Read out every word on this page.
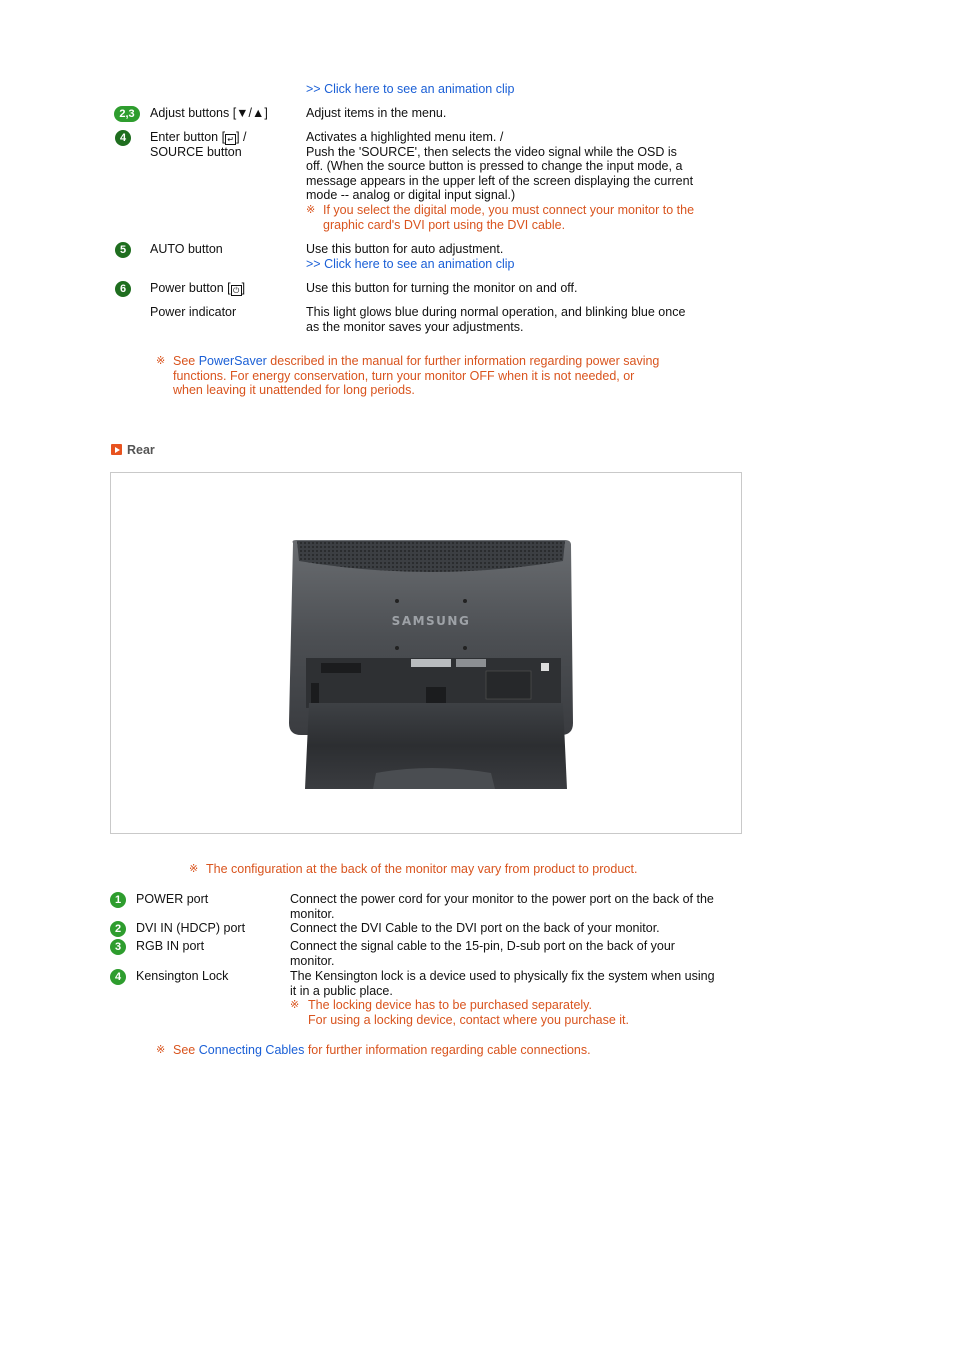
>> Click here to see an animation clip
2,3	Adjust buttons [▼/▲]	Adjust items in the menu.
4	Enter button [ ↵ ] /
SOURCE button
Activates a highlighted menu item. /
Push the 'SOURCE', then selects the video signal while the OSD is
off. (When the source button is pressed to change the input mode, a
message appears in the upper left of the screen displaying the current
mode -- analog or digital input signal.)
※ If you select the digital mode, you must connect your monitor to the
graphic card's DVI port using the DVI cable.
5	AUTO button	Use this button for auto adjustment.
>> Click here to see an animation clip
6	Power button [ ⏻ ]	Use this button for turning the monitor on and off.
Power indicator	This light glows blue during normal operation, and blinking blue once
as the monitor saves your adjustments.
※ See PowerSaver described in the manual for further information regarding power saving
functions. For energy conservation, turn your monitor OFF when it is not needed, or
when leaving it unattended for long periods.
Rear
SAMSUNG
※ The configuration at the back of the monitor may vary from product to product.
1	POWER port	Connect the power cord for your monitor to the power port on the back of the
monitor.
2	DVI IN (HDCP) port	Connect the DVI Cable to the DVI port on the back of your monitor.
3	RGB IN port	Connect the signal cable to the 15-pin, D-sub port on the back of your
monitor.
4	Kensington Lock	The Kensington lock is a device used to physically fix the system when using
it in a public place.
※ The locking device has to be purchased separately.
For using a locking device, contact where you purchase it.
※ See Connecting Cables for further information regarding cable connections.
